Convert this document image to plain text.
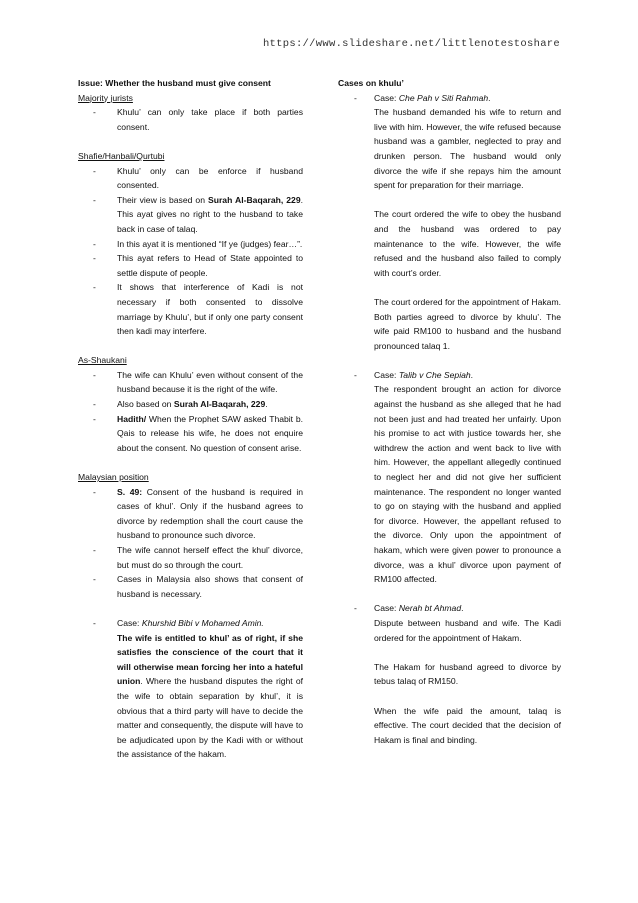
https://www.slideshare.net/littlenotestoshare
Issue: Whether the husband must give consent
Majority jurists
- Khulu’ can only take place if both parties consent.
Shafie/Hanbali/Qurtubi
- Khulu’ only can be enforce if husband consented.
- Their view is based on Surah Al-Baqarah, 229. This ayat gives no right to the husband to take back in case of talaq.
- In this ayat it is mentioned “If ye (judges) fear…”.
- This ayat refers to Head of State appointed to settle dispute of people.
- It shows that interference of Kadi is not necessary if both consented to dissolve marriage by Khulu’, but if only one party consent then kadi may interfere.
As-Shaukani
- The wife can Khulu’ even without consent of the husband because it is the right of the wife.
- Also based on Surah Al-Baqarah, 229.
- Hadith/ When the Prophet SAW asked Thabit b. Qais to release his wife, he does not enquire about the consent. No question of consent arise.
Malaysian position
- S. 49: Consent of the husband is required in cases of khul’. Only if the husband agrees to divorce by redemption shall the court cause the husband to pronounce such divorce.
- The wife cannot herself effect the khul’ divorce, but must do so through the court.
- Cases in Malaysia also shows that consent of husband is necessary.
- Case: Khurshid Bibi v Mohamed Amin.
The wife is entitled to khul’ as of right, if she satisfies the conscience of the court that it will otherwise mean forcing her into a hateful union. Where the husband disputes the right of the wife to obtain separation by khul’, it is obvious that a third party will have to decide the matter and consequently, the dispute will have to be adjudicated upon by the Kadi with or without the assistance of the hakam.
Cases on khulu’
- Case: Che Pah v Siti Rahmah.
The husband demanded his wife to return and live with him. However, the wife refused because husband was a gambler, neglected to pray and drunken person. The husband would only divorce the wife if she repays him the amount spent for preparation for their marriage.
The court ordered the wife to obey the husband and the husband was ordered to pay maintenance to the wife. However, the wife refused and the husband also failed to comply with court’s order.
The court ordered for the appointment of Hakam. Both parties agreed to divorce by khulu’. The wife paid RM100 to husband and the husband pronounced talaq 1.
- Case: Talib v Che Sepiah.
The respondent brought an action for divorce against the husband as she alleged that he had not been just and had treated her unfairly. Upon his promise to act with justice towards her, she withdrew the action and went back to live with him. However, the appellant allegedly continued to neglect her and did not give her sufficient maintenance. The respondent no longer wanted to go on staying with the husband and applied for divorce. However, the appellant refused to the divorce. Only upon the appointment of hakam, which were given power to pronounce a divorce, was a khul’ divorce upon payment of RM100 affected.
- Case: Nerah bt Ahmad.
Dispute between husband and wife. The Kadi ordered for the appointment of Hakam.
The Hakam for husband agreed to divorce by tebus talaq of RM150.
When the wife paid the amount, talaq is effective. The court decided that the decision of Hakam is final and binding.
